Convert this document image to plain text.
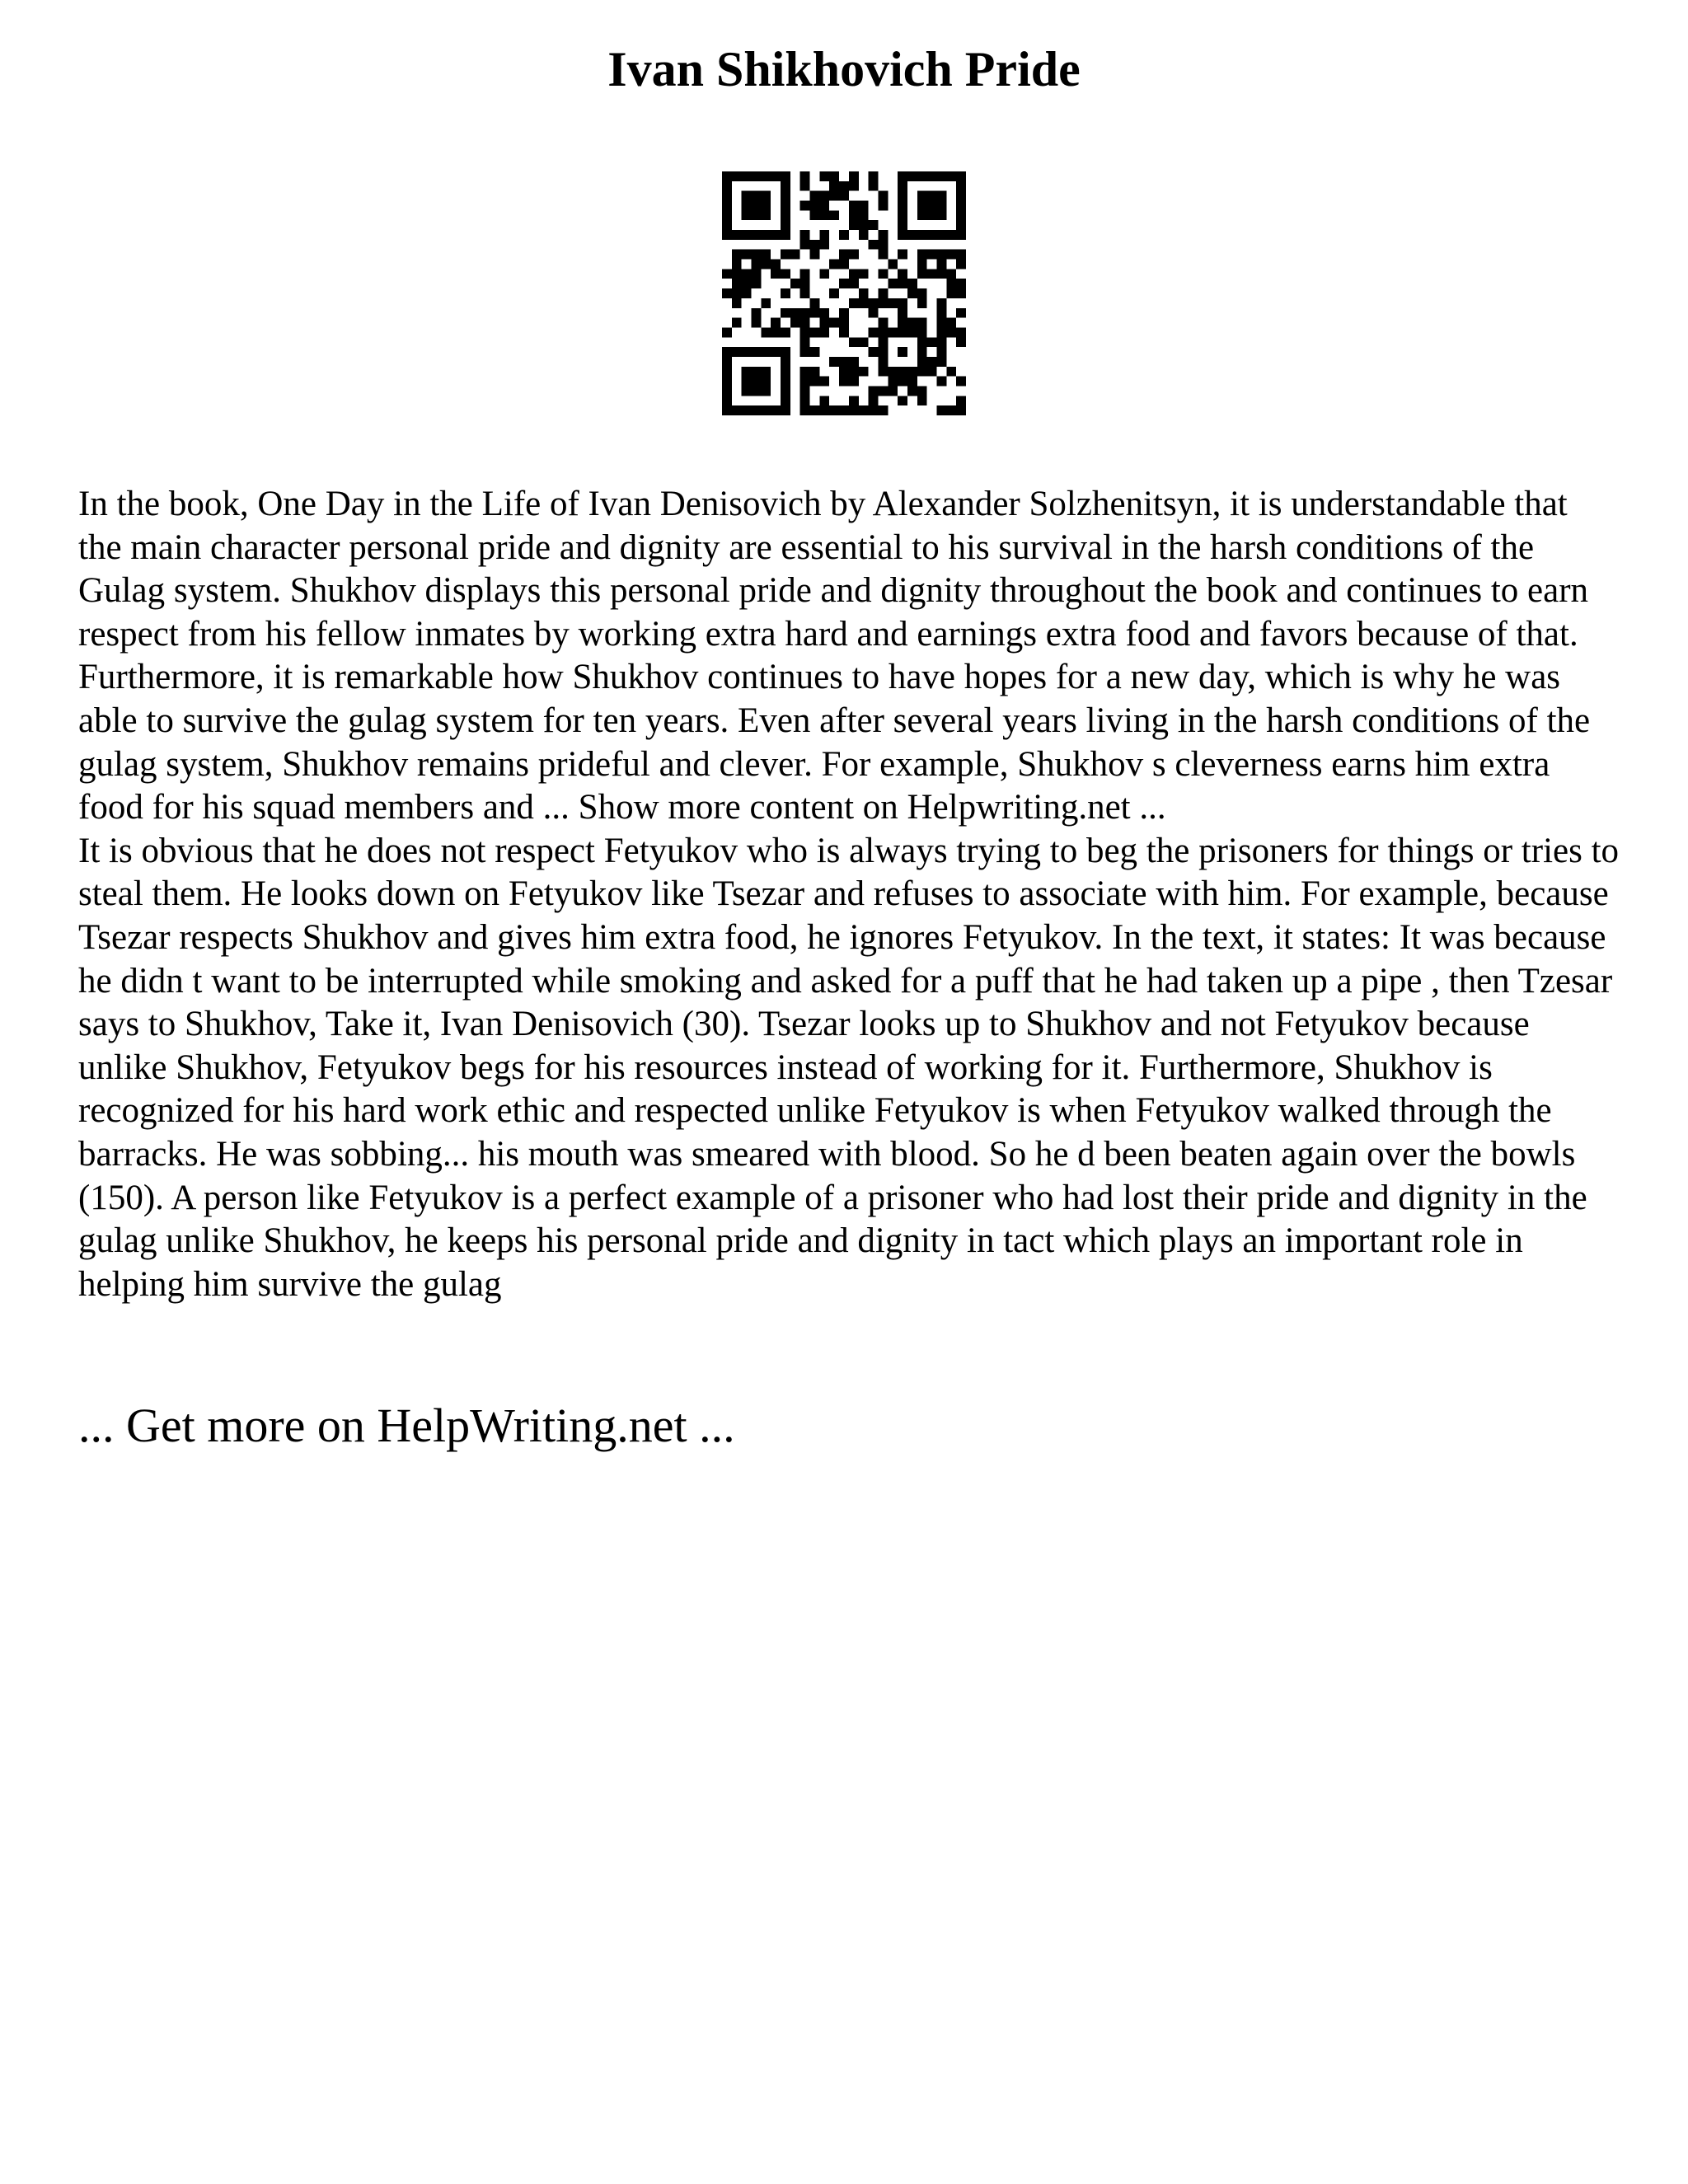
Ivan Shikhovich Pride

In the book, One Day in the Life of Ivan Denisovich by Alexander Solzhenitsyn, it is understandable that the main character personal pride and dignity are essential to his survival in the harsh conditions of the Gulag system. Shukhov displays this personal pride and dignity throughout the book and continues to earn respect from his fellow inmates by working extra hard and earnings extra food and favors because of that. Furthermore, it is remarkable how Shukhov continues to have hopes for a new day, which is why he was able to survive the gulag system for ten years. Even after several years living in the harsh conditions of the gulag system, Shukhov remains prideful and clever. For example, Shukhov s cleverness earns him extra food for his squad members and ... Show more content on Helpwriting.net ...

It is obvious that he does not respect Fetyukov who is always trying to beg the prisoners for things or tries to steal them. He looks down on Fetyukov like Tsezar and refuses to associate with him. For example, because Tsezar respects Shukhov and gives him extra food, he ignores Fetyukov. In the text, it states: It was because he didn t want to be interrupted while smoking and asked for a puff that he had taken up a pipe , then Tzesar says to Shukhov, Take it, Ivan Denisovich (30). Tsezar looks up to Shukhov and not Fetyukov because unlike Shukhov, Fetyukov begs for his resources instead of working for it. Furthermore, Shukhov is recognized for his hard work ethic and respected unlike Fetyukov is when Fetyukov walked through the barracks. He was sobbing... his mouth was smeared with blood. So he d been beaten again over the bowls (150). A person like Fetyukov is a perfect example of a prisoner who had lost their pride and dignity in the gulag unlike Shukhov, he keeps his personal pride and dignity in tact which plays an important role in helping him survive the gulag

... Get more on HelpWriting.net ...
